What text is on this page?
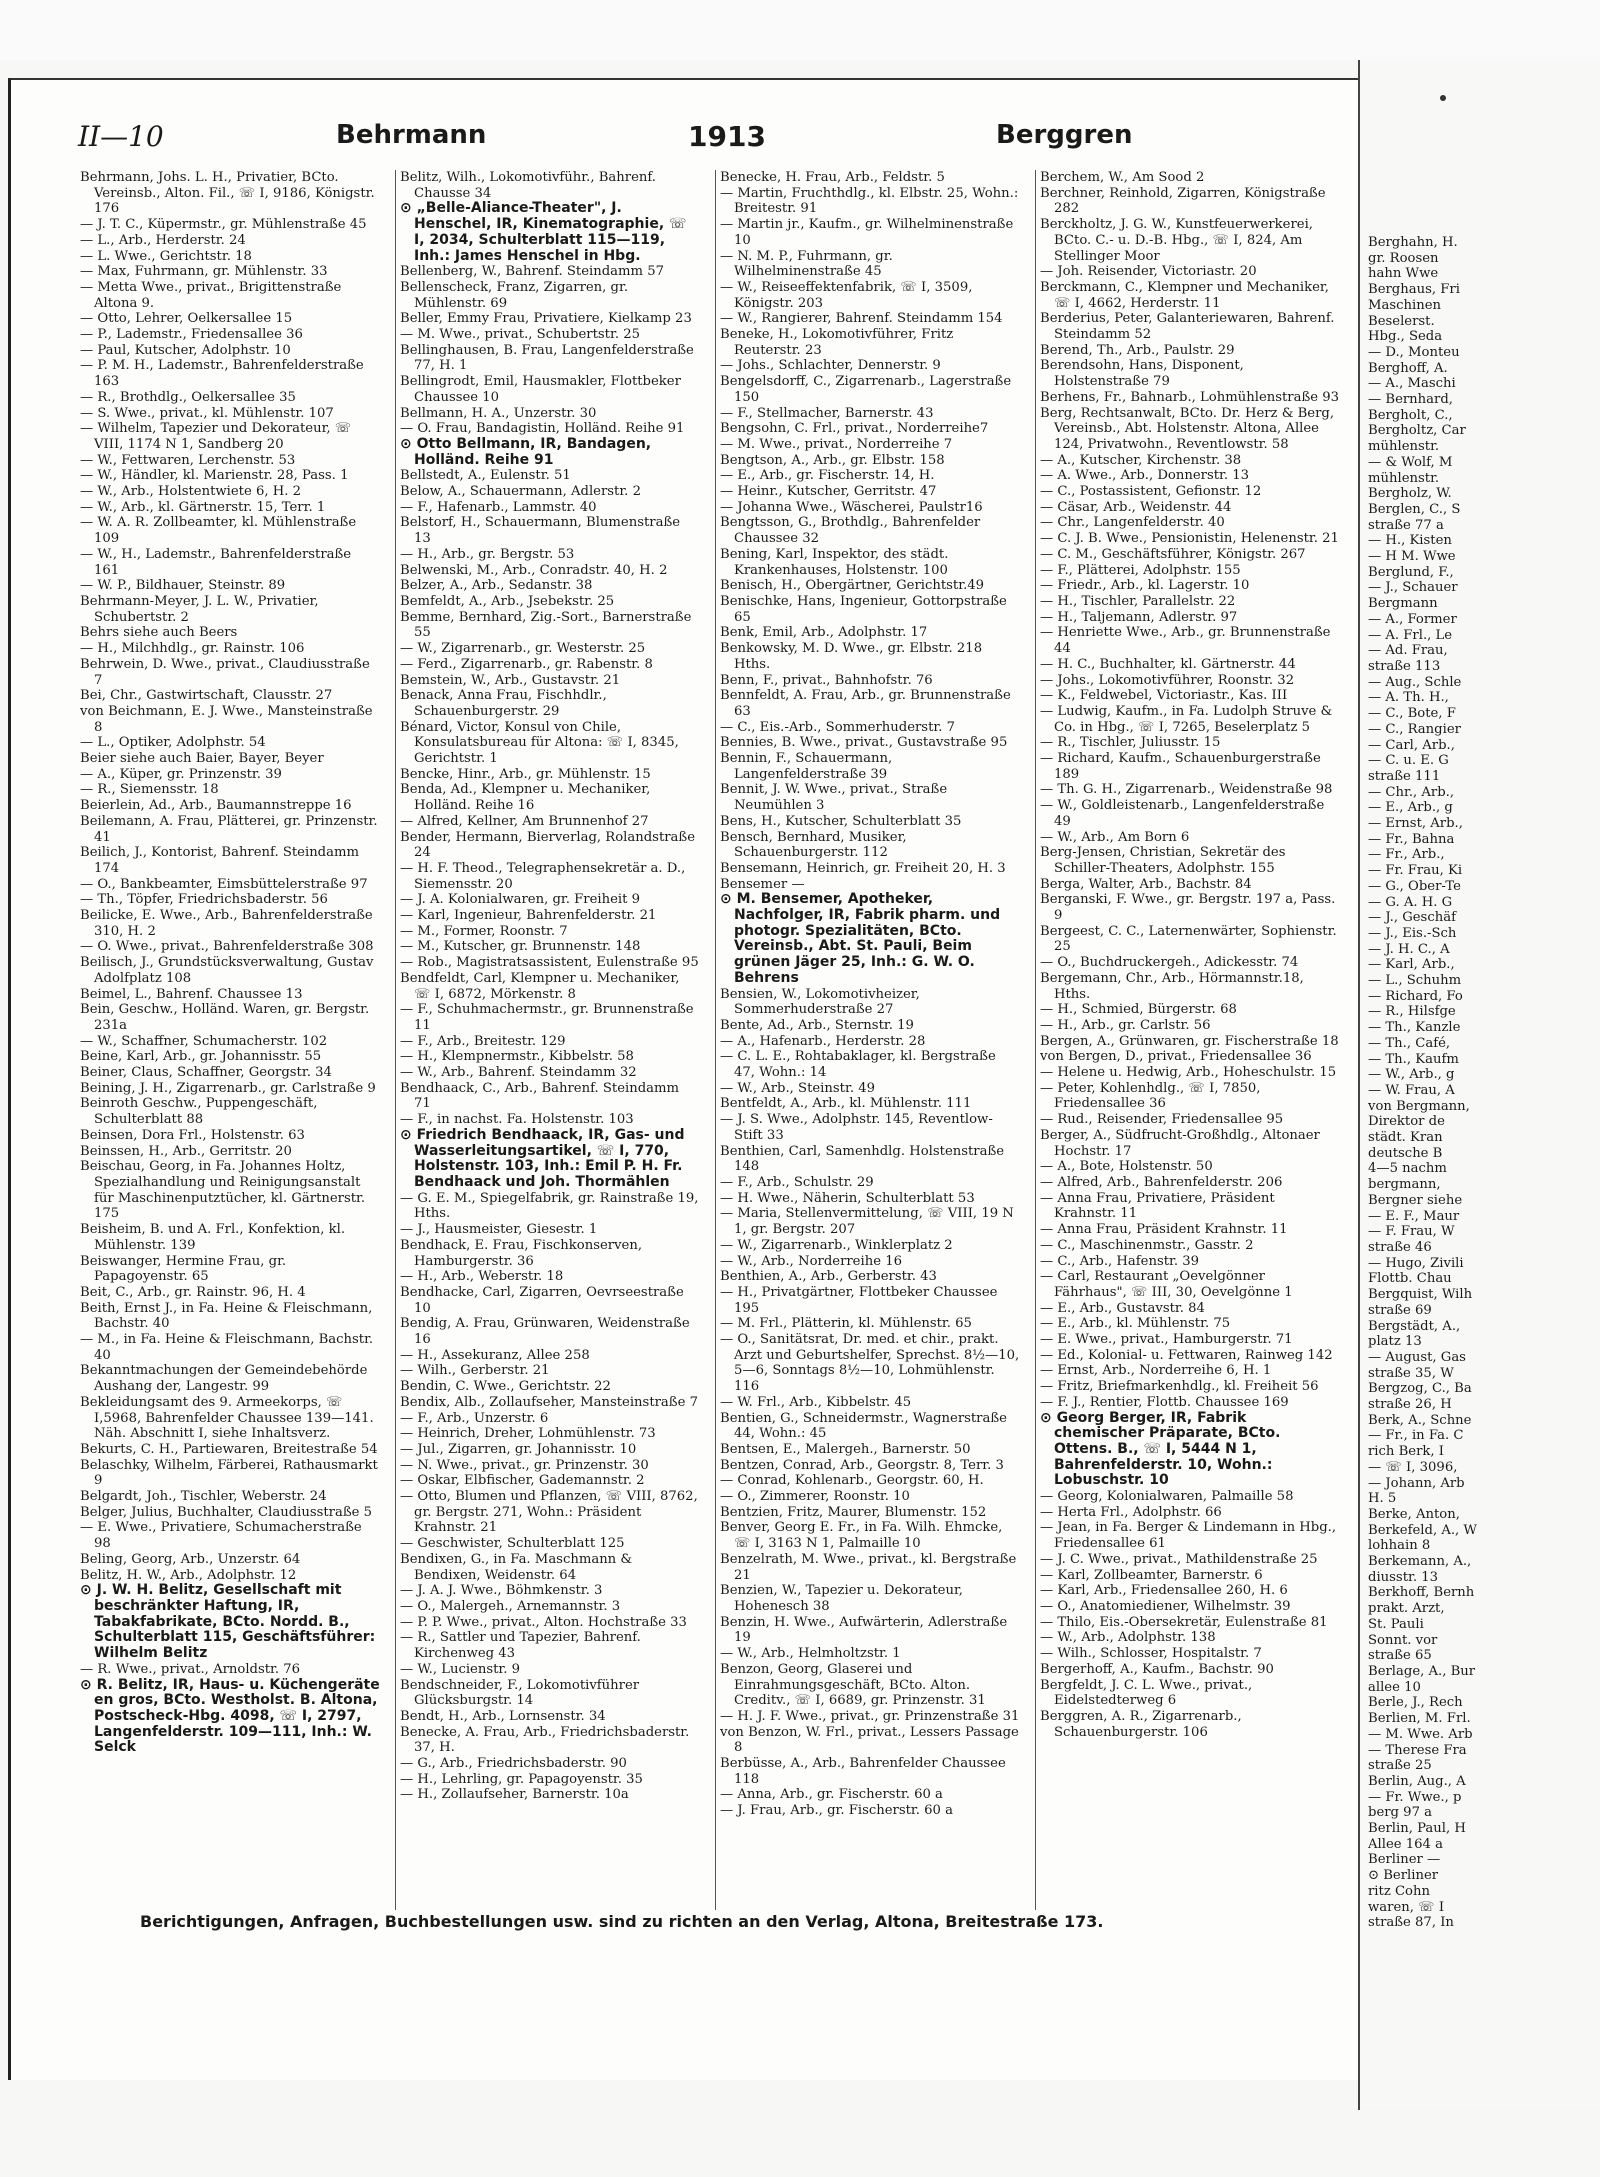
Berghahn, H.
gr. Roosen
hahn Wwe
Berghaus, Fri
Maschinen
Beselerst.
Hbg., Seda
— D., Monteu
Berghoff, A.
— A., Maschi
— Bernhard,
Bergholt, C.,
Bergholtz, Car
mühlenstr.
— & Wolf, M
mühlenstr.
Bergholz, W.
Berglen, C., S
straße 77 a
— H., Kisten
— H M. Wwe
Berglund, F.,
— J., Schauer
Bergmann
— A., Former
— A. Frl., Le
— Ad. Frau,
straße 113
— Aug., Schle
— A. Th. H.,
— C., Bote, F
— C., Rangier
— Carl, Arb.,
— C. u. E. G
straße 111
— Chr., Arb.,
— E., Arb., g
— Ernst, Arb.,
— Fr., Bahna
— Fr., Arb.,
— Fr. Frau, Ki
— G., Ober-Te
— G. A. H. G
— J., Geschäf
— J., Eis.-Sch
— J. H. C., A
— Karl, Arb.,
— L., Schuhm
— Richard, Fo
— R., Hilsfge
— Th., Kanzle
— Th., Café,
— Th., Kaufm
— W., Arb., g
— W. Frau, A
von Bergmann,
Direktor de
städt. Kran
deutsche B
4—5 nachm
bergmann,
Bergner siehe
— E. F., Maur
— F. Frau, W
straße 46
— Hugo, Zivili
Flottb. Chau
Bergquist, Wilh
straße 69
Bergstädt, A.,
platz 13
— August, Gas
straße 35, W
Bergzog, C., Ba
straße 26, H
Berk, A., Schne
— Fr., in Fa. C
rich Berk, I
— ☏ I, 3096,
— Johann, Arb
H. 5
Berke, Anton,
Berkefeld, A., W
lohhain 8
Berkemann, A.,
diusstr. 13
Berkhoff, Bernh
prakt. Arzt,
St. Pauli
Sonnt. vor
straße 65
Berlage, A., Bur
allee 10
Berle, J., Rech
Berlien, M. Frl.
— M. Wwe. Arb
— Therese Fra
straße 25
Berlin, Aug., A
— Fr. Wwe., p
berg 97 a
Berlin, Paul, H
Allee 164 a
Berliner —
⊙ Berliner
ritz Cohn
waren, ☏ I
straße 87, In
II—10	Behrmann	1913	Berggren
Behrmann, Johs. L. H., Privatier, BCto. Vereinsb., Alton. Fil., ☏ I, 9186, Königstr. 176
— J. T. C., Küpermstr., gr. Mühlenstraße 45
— L., Arb., Herderstr. 24
— L. Wwe., Gerichtstr. 18
— Max, Fuhrmann, gr. Mühlenstr. 33
— Metta Wwe., privat., Brigittenstraße Altona 9.
— Otto, Lehrer, Oelkersallee 15
— P., Lademstr., Friedensallee 36
— Paul, Kutscher, Adolphstr. 10
— P. M. H., Lademstr., Bahrenfelderstraße 163
— R., Brothdlg., Oelkersallee 35
— S. Wwe., privat., kl. Mühlenstr. 107
— Wilhelm, Tapezier und Dekorateur, ☏ VIII, 1174 N 1, Sandberg 20
— W., Fettwaren, Lerchenstr. 53
— W., Händler, kl. Marienstr. 28, Pass. 1
— W., Arb., Holstentwiete 6, H. 2
— W., Arb., kl. Gärtnerstr. 15, Terr. 1
— W. A. R. Zollbeamter, kl. Mühlenstraße 109
— W., H., Lademstr., Bahrenfelderstraße 161
— W. P., Bildhauer, Steinstr. 89
Behrmann-Meyer, J. L. W., Privatier, Schubertstr. 2
Behrs siehe auch Beers
— H., Milchhdlg., gr. Rainstr. 106
Behrwein, D. Wwe., privat., Claudiusstraße 7
Bei, Chr., Gastwirtschaft, Clausstr. 27
von Beichmann, E. J. Wwe., Mansteinstraße 8
— L., Optiker, Adolphstr. 54
Beier siehe auch Baier, Bayer, Beyer
— A., Küper, gr. Prinzenstr. 39
— R., Siemensstr. 18
Beierlein, Ad., Arb., Baumannstreppe 16
Beilemann, A. Frau, Plätterei, gr. Prinzenstr. 41
Beilich, J., Kontorist, Bahrenf. Steindamm 174
— O., Bankbeamter, Eimsbüttelerstraße 97
— Th., Töpfer, Friedrichsbaderstr. 56
Beilicke, E. Wwe., Arb., Bahrenfelderstraße 310, H. 2
— O. Wwe., privat., Bahrenfelderstraße 308
Beilisch, J., Grundstücksverwaltung, Gustav Adolfplatz 108
Beimel, L., Bahrenf. Chaussee 13
Bein, Geschw., Holländ. Waren, gr. Bergstr. 231a
— W., Schaffner, Schumacherstr. 102
Beine, Karl, Arb., gr. Johannisstr. 55
Beiner, Claus, Schaffner, Georgstr. 34
Beining, J. H., Zigarrenarb., gr. Carlstraße 9
Beinroth Geschw., Puppengeschäft, Schulterblatt 88
Beinsen, Dora Frl., Holstenstr. 63
Beinssen, H., Arb., Gerritstr. 20
Beischau, Georg, in Fa. Johannes Holtz, Spezialhandlung und Reinigungsanstalt für Maschinenputztücher, kl. Gärtnerstr. 175
Beisheim, B. und A. Frl., Konfektion, kl. Mühlenstr. 139
Beiswanger, Hermine Frau, gr. Papagoyenstr. 65
Beit, C., Arb., gr. Rainstr. 96, H. 4
Beith, Ernst J., in Fa. Heine & Fleischmann, Bachstr. 40
— M., in Fa. Heine & Fleischmann, Bachstr. 40
Bekanntmachungen der Gemeindebehörde Aushang der, Langestr. 99
Bekleidungsamt des 9. Armeekorps, ☏ I,5968, Bahrenfelder Chaussee 139—141. Näh. Abschnitt I, siehe Inhaltsverz.
Bekurts, C. H., Partiewaren, Breitestraße 54
Belaschky, Wilhelm, Färberei, Rathausmarkt 9
Belgardt, Joh., Tischler, Weberstr. 24
Belger, Julius, Buchhalter, Claudiusstraße 5
— E. Wwe., Privatiere, Schumacherstraße 98
Beling, Georg, Arb., Unzerstr. 64
Belitz, H. W., Arb., Adolphstr. 12
⊙ J. W. H. Belitz, Gesellschaft mit beschränkter Haftung, IR, Tabakfabrikate, BCto. Nordd. B., Schulterblatt 115, Geschäftsführer: Wilhelm Belitz
— R. Wwe., privat., Arnoldstr. 76
⊙ R. Belitz, IR, Haus- u. Küchengeräte en gros, BCto. Westholst. B. Altona, Postscheck-Hbg. 4098, ☏ I, 2797, Langenfelderstr. 109—111, Inh.: W. Selck
Belitz, Wilh., Lokomotivführ., Bahrenf. Chausse 34
⊙ „Belle-Aliance-Theater", J. Henschel, IR, Kinematographie, ☏ I, 2034, Schulterblatt 115—119, Inh.: James Henschel in Hbg.
Bellenberg, W., Bahrenf. Steindamm 57
Bellenscheck, Franz, Zigarren, gr. Mühlenstr. 69
Beller, Emmy Frau, Privatiere, Kielkamp 23
— M. Wwe., privat., Schubertstr. 25
Bellinghausen, B. Frau, Langenfelderstraße 77, H. 1
Bellingrodt, Emil, Hausmakler, Flottbeker Chaussee 10
Bellmann, H. A., Unzerstr. 30
— O. Frau, Bandagistin, Holländ. Reihe 91
⊙ Otto Bellmann, IR, Bandagen, Holländ. Reihe 91
Bellstedt, A., Eulenstr. 51
Below, A., Schauermann, Adlerstr. 2
— F., Hafenarb., Lammstr. 40
Belstorf, H., Schauermann, Blumenstraße 13
— H., Arb., gr. Bergstr. 53
Belwenski, M., Arb., Conradstr. 40, H. 2
Belzer, A., Arb., Sedanstr. 38
Bemfeldt, A., Arb., Jsebekstr. 25
Bemme, Bernhard, Zig.-Sort., Barnerstraße 55
— W., Zigarrenarb., gr. Westerstr. 25
— Ferd., Zigarrenarb., gr. Rabenstr. 8
Bemstein, W., Arb., Gustavstr. 21
Benack, Anna Frau, Fischhdlr., Schauenburgerstr. 29
Bénard, Victor, Konsul von Chile, Konsulatsbureau für Altona: ☏ I, 8345, Gerichtstr. 1
Bencke, Hinr., Arb., gr. Mühlenstr. 15
Benda, Ad., Klempner u. Mechaniker, Holländ. Reihe 16
— Alfred, Kellner, Am Brunnenhof 27
Bender, Hermann, Bierverlag, Rolandstraße 24
— H. F. Theod., Telegraphensekretär a. D., Siemensstr. 20
— J. A. Kolonialwaren, gr. Freiheit 9
— Karl, Ingenieur, Bahrenfelderstr. 21
— M., Former, Roonstr. 7
— M., Kutscher, gr. Brunnenstr. 148
— Rob., Magistratsassistent, Eulenstraße 95
Bendfeldt, Carl, Klempner u. Mechaniker, ☏ I, 6872, Mörkenstr. 8
— F., Schuhmachermstr., gr. Brunnenstraße 11
— F., Arb., Breitestr. 129
— H., Klempnermstr., Kibbelstr. 58
— W., Arb., Bahrenf. Steindamm 32
Bendhaack, C., Arb., Bahrenf. Steindamm 71
— F., in nachst. Fa. Holstenstr. 103
⊙ Friedrich Bendhaack, IR, Gas- und Wasserleitungsartikel, ☏ I, 770, Holstenstr. 103, Inh.: Emil P. H. Fr. Bendhaack und Joh. Thormählen
— G. E. M., Spiegelfabrik, gr. Rainstraße 19, Hths.
— J., Hausmeister, Giesestr. 1
Bendhack, E. Frau, Fischkonserven, Hamburgerstr. 36
— H., Arb., Weberstr. 18
Bendhacke, Carl, Zigarren, Oevrseestraße 10
Bendig, A. Frau, Grünwaren, Weidenstraße 16
— H., Assekuranz, Allee 258
— Wilh., Gerberstr. 21
Bendin, C. Wwe., Gerichtstr. 22
Bendix, Alb., Zollaufseher, Mansteinstraße 7
— F., Arb., Unzerstr. 6
— Heinrich, Dreher, Lohmühlenstr. 73
— Jul., Zigarren, gr. Johannisstr. 10
— N. Wwe., privat., gr. Prinzenstr. 30
— Oskar, Elbfischer, Gademannstr. 2
— Otto, Blumen und Pflanzen, ☏ VIII, 8762, gr. Bergstr. 271, Wohn.: Präsident Krahnstr. 21
— Geschwister, Schulterblatt 125
Bendixen, G., in Fa. Maschmann & Bendixen, Weidenstr. 64
— J. A. J. Wwe., Böhmkenstr. 3
— O., Malergeh., Arnemannstr. 3
— P. P. Wwe., privat., Alton. Hochstraße 33
— R., Sattler und Tapezier, Bahrenf. Kirchenweg 43
— W., Lucienstr. 9
Bendschneider, F., Lokomotivführer Glücksburgstr. 14
Bendt, H., Arb., Lornsenstr. 34
Benecke, A. Frau, Arb., Friedrichsbaderstr. 37, H.
— G., Arb., Friedrichsbaderstr. 90
— H., Lehrling, gr. Papagoyenstr. 35
— H., Zollaufseher, Barnerstr. 10a
Benecke, H. Frau, Arb., Feldstr. 5
— Martin, Fruchthdlg., kl. Elbstr. 25, Wohn.: Breitestr. 91
— Martin jr., Kaufm., gr. Wilhelminenstraße 10
— N. M. P., Fuhrmann, gr. Wilhelminenstraße 45
— W., Reiseeffektenfabrik, ☏ I, 3509, Königstr. 203
— W., Rangierer, Bahrenf. Steindamm 154
Beneke, H., Lokomotivführer, Fritz Reuterstr. 23
— Johs., Schlachter, Dennerstr. 9
Bengelsdorff, C., Zigarrenarb., Lagerstraße 150
— F., Stellmacher, Barnerstr. 43
Bengsohn, C. Frl., privat., Norderreihe7
— M. Wwe., privat., Norderreihe 7
Bengtson, A., Arb., gr. Elbstr. 158
— E., Arb., gr. Fischerstr. 14, H.
— Heinr., Kutscher, Gerritstr. 47
— Johanna Wwe., Wäscherei, Paulstr16
Bengtsson, G., Brothdlg., Bahrenfelder Chaussee 32
Bening, Karl, Inspektor, des städt. Krankenhauses, Holstenstr. 100
Benisch, H., Obergärtner, Gerichtstr.49
Benischke, Hans, Ingenieur, Gottorpstraße 65
Benk, Emil, Arb., Adolphstr. 17
Benkowsky, M. D. Wwe., gr. Elbstr. 218 Hths.
Benn, F., privat., Bahnhofstr. 76
Bennfeldt, A. Frau, Arb., gr. Brunnenstraße 63
— C., Eis.-Arb., Sommerhuderstr. 7
Bennies, B. Wwe., privat., Gustavstraße 95
Bennin, F., Schauermann, Langenfelderstraße 39
Bennit, J. W. Wwe., privat., Straße Neumühlen 3
Bens, H., Kutscher, Schulterblatt 35
Bensch, Bernhard, Musiker, Schauenburgerstr. 112
Bensemann, Heinrich, gr. Freiheit 20, H. 3
Bensemer —
⊙ M. Bensemer, Apotheker, Nachfolger, IR, Fabrik pharm. und photogr. Spezialitäten, BCto. Vereinsb., Abt. St. Pauli, Beim grünen Jäger 25, Inh.: G. W. O. Behrens
Bensien, W., Lokomotivheizer, Sommerhuderstraße 27
Bente, Ad., Arb., Sternstr. 19
— A., Hafenarb., Herderstr. 28
— C. L. E., Rohtabaklager, kl. Bergstraße 47, Wohn.: 14
— W., Arb., Steinstr. 49
Bentfeldt, A., Arb., kl. Mühlenstr. 111
— J. S. Wwe., Adolphstr. 145, Reventlow-Stift 33
Benthien, Carl, Samenhdlg. Holstenstraße 148
— F., Arb., Schulstr. 29
— H. Wwe., Näherin, Schulterblatt 53
— Maria, Stellenvermittelung, ☏ VIII, 19 N 1, gr. Bergstr. 207
— W., Zigarrenarb., Winklerplatz 2
— W., Arb., Norderreihe 16
Benthien, A., Arb., Gerberstr. 43
— H., Privatgärtner, Flottbeker Chaussee 195
— M. Frl., Plätterin, kl. Mühlenstr. 65
— O., Sanitätsrat, Dr. med. et chir., prakt. Arzt und Geburtshelfer, Sprechst. 8½—10, 5—6, Sonntags 8½—10, Lohmühlenstr. 116
— W. Frl., Arb., Kibbelstr. 45
Bentien, G., Schneidermstr., Wagnerstraße 44, Wohn.: 45
Bentsen, E., Malergeh., Barnerstr. 50
Bentzen, Conrad, Arb., Georgstr. 8, Terr. 3
— Conrad, Kohlenarb., Georgstr. 60, H.
— O., Zimmerer, Roonstr. 10
Bentzien, Fritz, Maurer, Blumenstr. 152
Benver, Georg E. Fr., in Fa. Wilh. Ehmcke, ☏ I, 3163 N 1, Palmaille 10
Benzelrath, M. Wwe., privat., kl. Bergstraße 21
Benzien, W., Tapezier u. Dekorateur, Hohenesch 38
Benzin, H. Wwe., Aufwärterin, Adlerstraße 19
— W., Arb., Helmholtzstr. 1
Benzon, Georg, Glaserei und Einrahmungsgeschäft, BCto. Alton. Creditv., ☏ I, 6689, gr. Prinzenstr. 31
— H. J. F. Wwe., privat., gr. Prinzenstraße 31
von Benzon, W. Frl., privat., Lessers Passage 8
Berbüsse, A., Arb., Bahrenfelder Chaussee 118
— Anna, Arb., gr. Fischerstr. 60 a
— J. Frau, Arb., gr. Fischerstr. 60 a
Berchem, W., Am Sood 2
Berchner, Reinhold, Zigarren, Königstraße 282
Berckholtz, J. G. W., Kunstfeuerwerkerei, BCto. C.- u. D.-B. Hbg., ☏ I, 824, Am Stellinger Moor
— Joh. Reisender, Victoriastr. 20
Berckmann, C., Klempner und Mechaniker, ☏ I, 4662, Herderstr. 11
Berderius, Peter, Galanteriewaren, Bahrenf. Steindamm 52
Berend, Th., Arb., Paulstr. 29
Berendsohn, Hans, Disponent, Holstenstraße 79
Berhens, Fr., Bahnarb., Lohmühlenstraße 93
Berg, Rechtsanwalt, BCto. Dr. Herz & Berg, Vereinsb., Abt. Holstenstr. Altona, Allee 124, Privatwohn., Reventlowstr. 58
— A., Kutscher, Kirchenstr. 38
— A. Wwe., Arb., Donnerstr. 13
— C., Postassistent, Gefionstr. 12
— Cäsar, Arb., Weidenstr. 44
— Chr., Langenfelderstr. 40
— C. J. B. Wwe., Pensionistin, Helenenstr. 21
— C. M., Geschäftsführer, Königstr. 267
— F., Plätterei, Adolphstr. 155
— Friedr., Arb., kl. Lagerstr. 10
— H., Tischler, Parallelstr. 22
— H., Taljemann, Adlerstr. 97
— Henriette Wwe., Arb., gr. Brunnenstraße 44
— H. C., Buchhalter, kl. Gärtnerstr. 44
— Johs., Lokomotivführer, Roonstr. 32
— K., Feldwebel, Victoriastr., Kas. III
— Ludwig, Kaufm., in Fa. Ludolph Struve & Co. in Hbg., ☏ I, 7265, Beselerplatz 5
— R., Tischler, Juliusstr. 15
— Richard, Kaufm., Schauenburgerstraße 189
— Th. G. H., Zigarrenarb., Weidenstraße 98
— W., Goldleistenarb., Langenfelderstraße 49
— W., Arb., Am Born 6
Berg-Jensen, Christian, Sekretär des Schiller-Theaters, Adolphstr. 155
Berga, Walter, Arb., Bachstr. 84
Berganski, F. Wwe., gr. Bergstr. 197 a, Pass. 9
Bergeest, C. C., Laternenwärter, Sophienstr. 25
— O., Buchdruckergeh., Adickesstr. 74
Bergemann, Chr., Arb., Hörmannstr.18, Hths.
— H., Schmied, Bürgerstr. 68
— H., Arb., gr. Carlstr. 56
Bergen, A., Grünwaren, gr. Fischerstraße 18
von Bergen, D., privat., Friedensallee 36
— Helene u. Hedwig, Arb., Hoheschulstr. 15
— Peter, Kohlenhdlg., ☏ I, 7850, Friedensallee 36
— Rud., Reisender, Friedensallee 95
Berger, A., Südfrucht-Großhdlg., Altonaer Hochstr. 17
— A., Bote, Holstenstr. 50
— Alfred, Arb., Bahrenfelderstr. 206
— Anna Frau, Privatiere, Präsident Krahnstr. 11
— Anna Frau, Präsident Krahnstr. 11
— C., Maschinenmstr., Gasstr. 2
— C., Arb., Hafenstr. 39
— Carl, Restaurant „Oevelgönner Fährhaus", ☏ III, 30, Oevelgönne 1
— E., Arb., Gustavstr. 84
— E., Arb., kl. Mühlenstr. 75
— E. Wwe., privat., Hamburgerstr. 71
— Ed., Kolonial- u. Fettwaren, Rainweg 142
— Ernst, Arb., Norderreihe 6, H. 1
— Fritz, Briefmarkenhdlg., kl. Freiheit 56
— F. J., Rentier, Flottb. Chaussee 169
⊙ Georg Berger, IR, Fabrik chemischer Präparate, BCto. Ottens. B., ☏ I, 5444 N 1, Bahrenfelderstr. 10, Wohn.: Lobuschstr. 10
— Georg, Kolonialwaren, Palmaille 58
— Herta Frl., Adolphstr. 66
— Jean, in Fa. Berger & Lindemann in Hbg., Friedensallee 61
— J. C. Wwe., privat., Mathildenstraße 25
— Karl, Zollbeamter, Barnerstr. 6
— Karl, Arb., Friedensallee 260, H. 6
— O., Anatomiediener, Wilhelmstr. 39
— Thilo, Eis.-Obersekretär, Eulenstraße 81
— W., Arb., Adolphstr. 138
— Wilh., Schlosser, Hospitalstr. 7
Bergerhoff, A., Kaufm., Bachstr. 90
Bergfeldt, J. C. L. Wwe., privat., Eidelstedterweg 6
Berggren, A. R., Zigarrenarb., Schauenburgerstr. 106
Berichtigungen, Anfragen, Buchbestellungen usw. sind zu richten an den Verlag, Altona, Breitestraße 173.
